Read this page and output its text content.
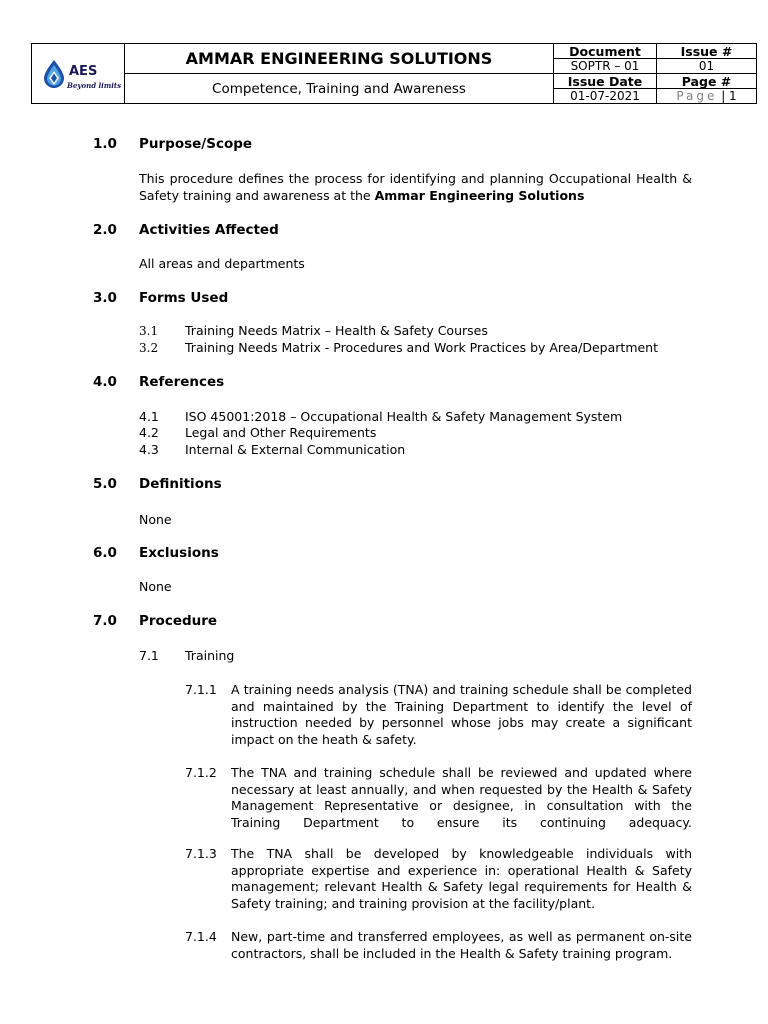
AES
Beyond limits	AMMAR ENGINEERING SOLUTIONS	Document	Issue #
		SOPTR – 01	01
	Competence, Training and Awareness	Issue Date	Page #
		01-07-2021	Page | 1
1.0 Purpose/Scope
This procedure defines the process for identifying and planning Occupational Health & Safety training and awareness at the Ammar Engineering Solutions
2.0 Activities Affected
All areas and departments
3.0 Forms Used
3.1 Training Needs Matrix – Health & Safety Courses
3.2 Training Needs Matrix - Procedures and Work Practices by Area/Department
4.0 References
4.1 ISO 45001:2018 – Occupational Health & Safety Management System
4.2 Legal and Other Requirements
4.3 Internal & External Communication
5.0 Definitions
None
6.0 Exclusions
None
7.0 Procedure
7.1 Training
7.1.1 A training needs analysis (TNA) and training schedule shall be completed and maintained by the Training Department to identify the level of instruction needed by personnel whose jobs may create a significant impact on the heath & safety.
7.1.2 The TNA and training schedule shall be reviewed and updated where necessary at least annually, and when requested by the Health & Safety Management Representative or designee, in consultation with the Training Department to ensure its continuing adequacy.
7.1.3 The TNA shall be developed by knowledgeable individuals with appropriate expertise and experience in: operational Health & Safety management; relevant Health & Safety legal requirements for Health & Safety training; and training provision at the facility/plant.
7.1.4 New, part-time and transferred employees, as well as permanent on-site contractors, shall be included in the Health & Safety training program.
